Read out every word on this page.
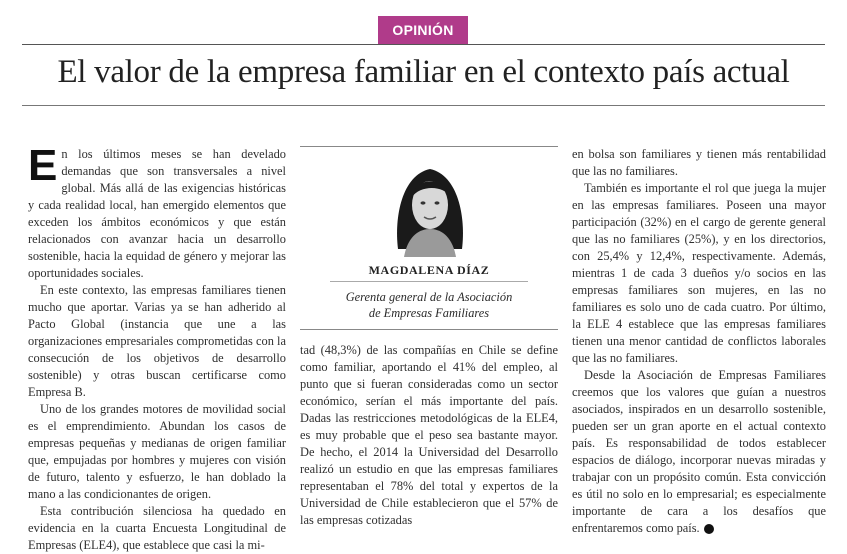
OPINIÓN
El valor de la empresa familiar en el contexto país actual

En los últimos meses se han develado demandas que son transversales a nivel global. Más allá de las exigencias históricas y cada realidad local, han emergido elementos que exceden los ámbitos económicos y que están relacionados con avanzar hacia un desarrollo sostenible, hacia la equidad de género y mejorar las oportunidades sociales.

En este contexto, las empresas familiares tienen mucho que aportar. Varias ya se han adherido al Pacto Global (instancia que une a las organizaciones empresariales comprometidas con la consecución de los objetivos de desarrollo sostenible) y otras buscan certificarse como Empresa B.

Uno de los grandes motores de movilidad social es el emprendimiento. Abundan los casos de empresas pequeñas y medianas de origen familiar que, empujadas por hombres y mujeres con visión de futuro, talento y esfuerzo, le han doblado la mano a las condicionantes de origen.

Esta contribución silenciosa ha quedado en evidencia en la cuarta Encuesta Longitudinal de Empresas (ELE4), que establece que casi la mi-

MAGDALENA DÍAZ
Gerenta general de la Asociación
de Empresas Familiares

tad (48,3%) de las compañías en Chile se define como familiar, aportando el 41% del empleo, al punto que si fueran consideradas como un sector económico, serían el más importante del país. Dadas las restricciones metodológicas de la ELE4, es muy probable que el peso sea bastante mayor. De hecho, el 2014 la Universidad del Desarrollo realizó un estudio en que las empresas familiares representaban el 78% del total y expertos de la Universidad de Chile establecieron que el 57% de las empresas cotizadas

en bolsa son familiares y tienen más rentabilidad que las no familiares.

También es importante el rol que juega la mujer en las empresas familiares. Poseen una mayor participación (32%) en el cargo de gerente general que las no familiares (25%), y en los directorios, con 25,4% y 12,4%, respectivamente. Además, mientras 1 de cada 3 dueños y/o socios en las empresas familiares son mujeres, en las no familiares es solo uno de cada cuatro. Por último, la ELE 4 establece que las empresas familiares tienen una menor cantidad de conflictos laborales que las no familiares.

Desde la Asociación de Empresas Familiares creemos que los valores que guían a nuestros asociados, inspirados en un desarrollo sostenible, pueden ser un gran aporte en el actual contexto país. Es responsabilidad de todos establecer espacios de diálogo, incorporar nuevas miradas y trabajar con un propósito común. Esta convicción es útil no solo en lo empresarial; es especialmente importante de cara a los desafíos que enfrentaremos como país. P
